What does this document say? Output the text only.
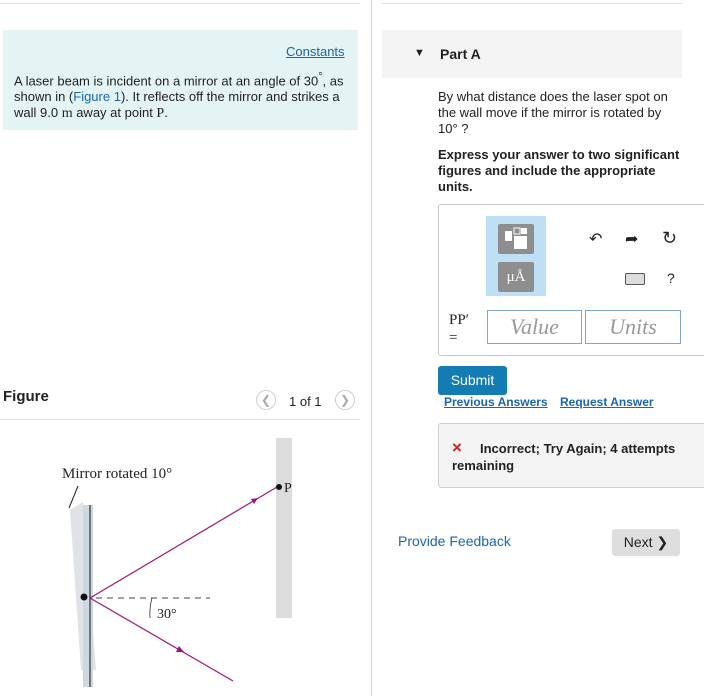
Constants
A laser beam is incident on a mirror at an angle of 30°, as shown in (Figure 1). It reflects off the mirror and strikes a wall 9.0 m away at point P.
Figure	❮	1 of 1	❯
Mirror rotated 10°
30°
P
▼ Part A
By what distance does the laser spot on the wall move if the mirror is rotated by 10° ?
Express your answer to two significant figures and include the appropriate units.
μÅ
↶ ➦ ↻
?
PP′
=	Value	Units
Submit
Previous Answers Request Answer
×	Incorrect; Try Again; 4 attempts remaining
Provide Feedback	Next ❯
